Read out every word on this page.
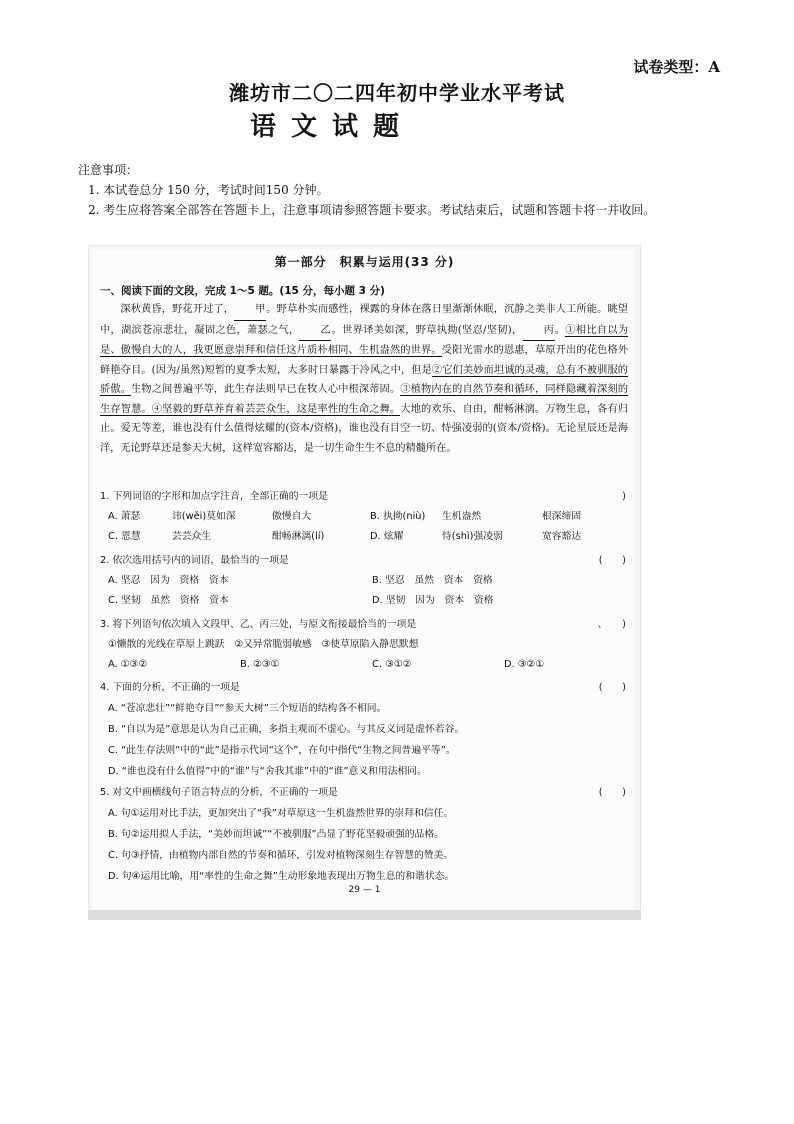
试卷类型：A
潍坊市二〇二四年初中学业水平考试
语文试题

注意事项：

1. 本试卷总分 150 分，考试时间150 分钟。

2. 考生应将答案全部答在答题卡上，注意事项请参照答题卡要求。考试结束后，试题和答题卡将一并收回。

第一部分　积累与运用(33 分)
一、阅读下面的文段，完成 1～5 题。(15 分，每小题 3 分)

深秋黄昏，野花开过了， 甲。野草朴实而感性，裸露的身体在落日里渐渐休眠，沉静之美非人工所能。眺望中，湖滨苍凉悲壮，凝固之色，萧瑟之气， 乙。世界译美如深，野草执拗(坚忍/坚韧)， 丙。①相比自以为是、傲慢自大的人，我更愿意崇拜和信任这片质朴相同、生机盎然的世界。受阳光雷水的恩惠，草原开出的花色格外鲜艳夺目。(因为/虽然)短暂的夏季太短，大多时日暴露于冷风之中，但是②它们美妙而坦诚的灵魂，总有不被驯服的骄傲。生物之间普遍平等，此生存法则早已在牧人心中根深蒂固。③植物内在的自然节奏和循环，同样隐藏着深刻的生存智慧。④坚毅的野草养育着芸芸众生，这是率性的生命之舞。大地的欢乐、自由，酣畅淋漓。万物生息，各有归止。爱无等差，谁也没有什么值得炫耀的(资本/资格)，谁也没有目空一切、恃强凌弱的(资本/资格)。无论星辰还是海洋，无论野草还是参天大树，这样宽容豁达，是一切生命生生不息的精髓所在。

1. 下列词语的字形和加点字注音，全部正确的一项是	)
A. 萧瑟	讳(wěi)莫如深	傲慢自大	B. 执拗(niù)	生机盎然	根深缔固
C. 恩慧	芸芸众生	酣畅淋漓(lí)	D. 炫耀	恃(shì)强凌弱	宽容豁达
2. 依次选用括号内的词语，最恰当的一项是	(　　)
A. 坚忍　因为　资格　资本	B. 坚忍　虽然　资本　资格
C. 坚韧　虽然　资格　资本	D. 坚韧　因为　资本　资格
3. 将下列语句依次填入文段甲、乙、丙三处，与原文衔接最恰当的一项是	、　　)
①懒散的光线在草原上跳跃　②又异常脆弱敏感　③使草原陷入静思默想
A. ①③②	B. ②③①	C. ③①②	D. ③②①
4. 下面的分析，不正确的一项是	(　　)
A. “苍凉悲壮”“鲜艳夺目”“参天大树”三个短语的结构各不相同。
B. “自以为是”意思是认为自己正确，多指主观而不虚心。与其反义词是虚怀若谷。
C. “此生存法则”中的“此”是指示代词“这个”，在句中指代“生物之间普遍平等”。
D. “谁也没有什么值得”中的“谁”与“舍我其谁”中的“谁”意义和用法相同。
5. 对文中画横线句子语言特点的分析，不正确的一项是	(　　)
A. 句①运用对比手法，更加突出了“我”对草原这一生机盎然世界的崇拜和信任。
B. 句②运用拟人手法，“美妙而坦诚”“不被驯服”凸显了野花坚毅顽强的品格。
C. 句③抒情，由植物内部自然的节奏和循环，引发对植物深刻生存智慧的赞美。
D. 句④运用比喻，用“率性的生命之舞”生动形象地表现出万物生息的和谐状态。
29 — 1
